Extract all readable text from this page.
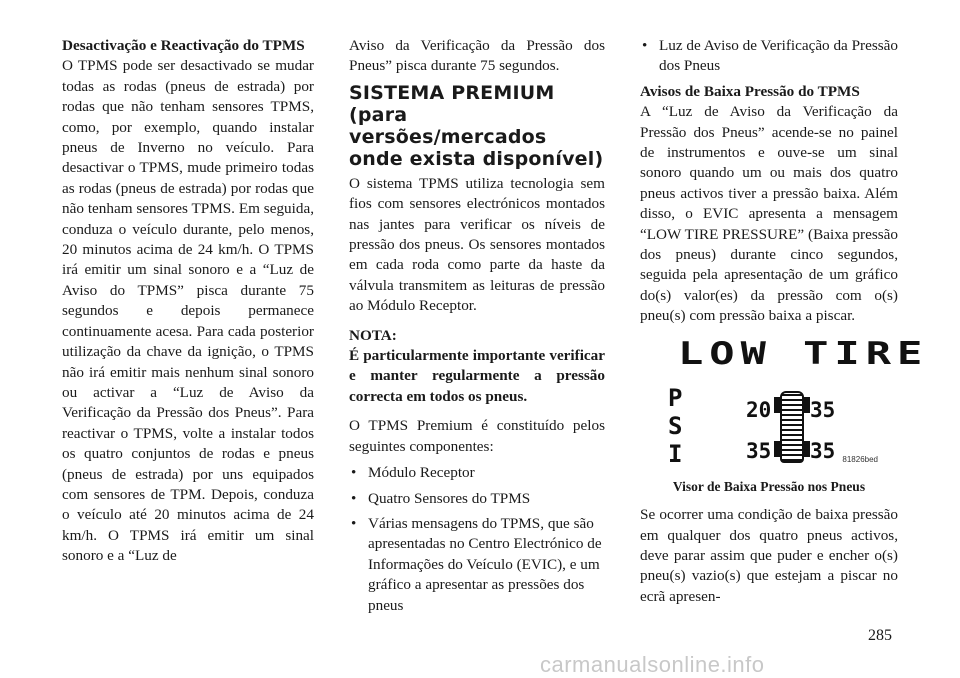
Desactivação e Reactivação do TPMS

O TPMS pode ser desactivado se mudar todas as rodas (pneus de estrada) por rodas que não tenham sensores TPMS, como, por exemplo, quando instalar pneus de Inverno no veículo. Para desactivar o TPMS, mude primeiro todas as rodas (pneus de estrada) por rodas que não tenham sensores TPMS. Em seguida, conduza o veículo durante, pelo menos, 20 minutos acima de 24 km/h. O TPMS irá emitir um sinal sonoro e a “Luz de Aviso do TPMS” pisca durante 75 segundos e depois permanece continuamente acesa. Para cada posterior utilização da chave da ignição, o TPMS não irá emitir mais nenhum sinal sonoro ou activar a “Luz de Aviso da Verificação da Pressão dos Pneus”. Para reactivar o TPMS, volte a instalar todos os quatro conjuntos de rodas e pneus (pneus de estrada) por uns equipados com sensores de TPM. Depois, conduza o veículo até 20 minutos acima de 24 km/h. O TPMS irá emitir um sinal sonoro e a “Luz de

Aviso da Verificação da Pressão dos Pneus” pisca durante 75 segundos.

SISTEMA PREMIUM (para versões/mercados onde exista disponível)

O sistema TPMS utiliza tecnologia sem fios com sensores electrónicos montados nas jantes para verificar os níveis de pressão dos pneus. Os sensores montados em cada roda como parte da haste da válvula transmitem as leituras de pressão ao Módulo Receptor.

NOTA:

É particularmente importante verificar e manter regularmente a pressão correcta em todos os pneus.

O TPMS Premium é constituído pelos seguintes componentes:

• Módulo Receptor
• Quatro Sensores do TPMS
• Várias mensagens do TPMS, que são apresentadas no Centro Electrónico de Informações do Veículo (EVIC), e um gráfico a apresentar as pressões dos pneus
• Luz de Aviso de Verificação da Pressão dos Pneus

Avisos de Baixa Pressão do TPMS

A “Luz de Aviso da Verificação da Pressão dos Pneus” acende-se no painel de instrumentos e ouve-se um sinal sonoro quando um ou mais dos quatro pneus activos tiver a pressão baixa. Além disso, o EVIC apresenta a mensagem “LOW TIRE PRESSURE” (Baixa pressão dos pneus) durante cinco segundos, seguida pela apresentação de um gráfico do(s) valor(es) da pressão com o(s) pneu(s) com pressão baixa a piscar.

LOW TIRE
P
S
I
20 35
35 35 81826bed

Visor de Baixa Pressão nos Pneus

Se ocorrer uma condição de baixa pressão em qualquer dos quatro pneus activos, deve parar assim que puder e encher o(s) pneu(s) vazio(s) que estejam a piscar no ecrã apresen-

285
carmanualsonline.info
